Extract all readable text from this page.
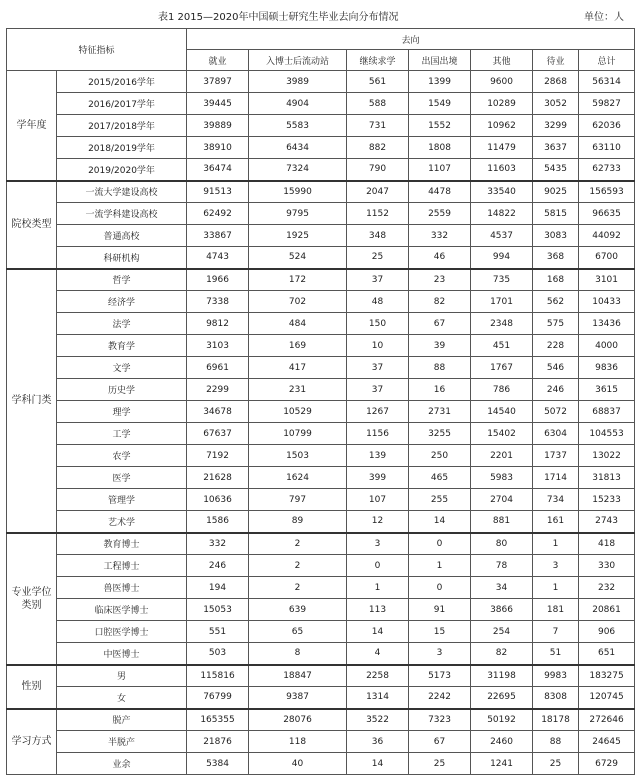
表1 2015—2020年中国硕士研究生毕业去向分布情况	单位：人
特征指标		去向						
		就业	入博士后流动站	继续求学	出国出境	其他	待业	总计
学年度	2015/2016学年	37897	3989	561	1399	9600	2868	56314
	2016/2017学年	39445	4904	588	1549	10289	3052	59827
	2017/2018学年	39889	5583	731	1552	10962	3299	62036
	2018/2019学年	38910	6434	882	1808	11479	3637	63110
	2019/2020学年	36474	7324	790	1107	11603	5435	62733
院校类型	一流大学建设高校	91513	15990	2047	4478	33540	9025	156593
	一流学科建设高校	62492	9795	1152	2559	14822	5815	96635
	普通高校	33867	1925	348	332	4537	3083	44092
	科研机构	4743	524	25	46	994	368	6700
学科门类	哲学	1966	172	37	23	735	168	3101
	经济学	7338	702	48	82	1701	562	10433
	法学	9812	484	150	67	2348	575	13436
	教育学	3103	169	10	39	451	228	4000
	文学	6961	417	37	88	1767	546	9836
	历史学	2299	231	37	16	786	246	3615
	理学	34678	10529	1267	2731	14540	5072	68837
	工学	67637	10799	1156	3255	15402	6304	104553
	农学	7192	1503	139	250	2201	1737	13022
	医学	21628	1624	399	465	5983	1714	31813
	管理学	10636	797	107	255	2704	734	15233
	艺术学	1586	89	12	14	881	161	2743
专业学位类别	教育博士	332	2	3	0	80	1	418
	工程博士	246	2	0	1	78	3	330
	兽医博士	194	2	1	0	34	1	232
	临床医学博士	15053	639	113	91	3866	181	20861
	口腔医学博士	551	65	14	15	254	7	906
	中医博士	503	8	4	3	82	51	651
性别	男	115816	18847	2258	5173	31198	9983	183275
	女	76799	9387	1314	2242	22695	8308	120745
学习方式	脱产	165355	28076	3522	7323	50192	18178	272646
	半脱产	21876	118	36	67	2460	88	24645
	业余	5384	40	14	25	1241	25	6729
